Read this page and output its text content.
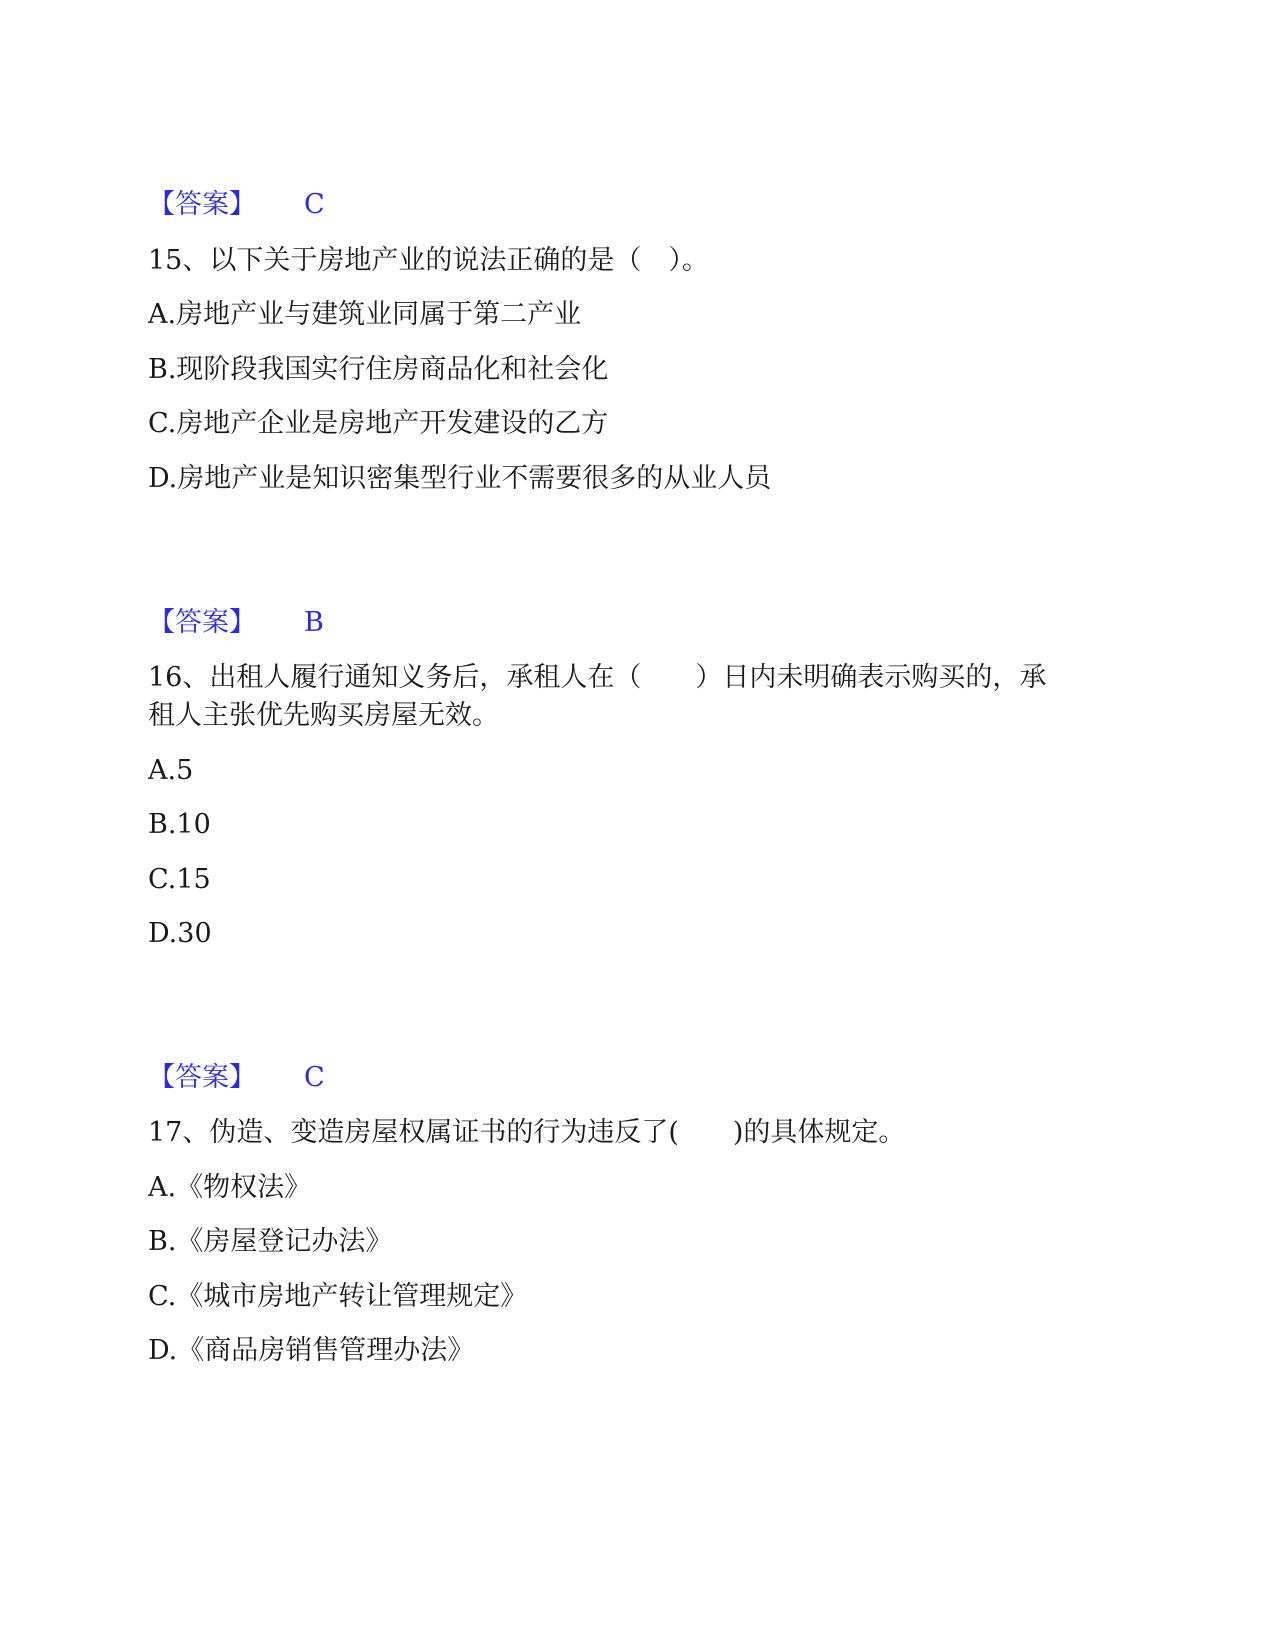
【答案】 C
15、以下关于房地产业的说法正确的是（　）。
A.房地产业与建筑业同属于第二产业
B.现阶段我国实行住房商品化和社会化
C.房地产企业是房地产开发建设的乙方
D.房地产业是知识密集型行业不需要很多的从业人员
【答案】 B
16、出租人履行通知义务后，承租人在（　　）日内未明确表示购买的，承
租人主张优先购买房屋无效。
A.5
B.10
C.15
D.30
【答案】 C
17、伪造、变造房屋权属证书的行为违反了(　　)的具体规定。
A.《物权法》
B.《房屋登记办法》
C.《城市房地产转让管理规定》
D.《商品房销售管理办法》
